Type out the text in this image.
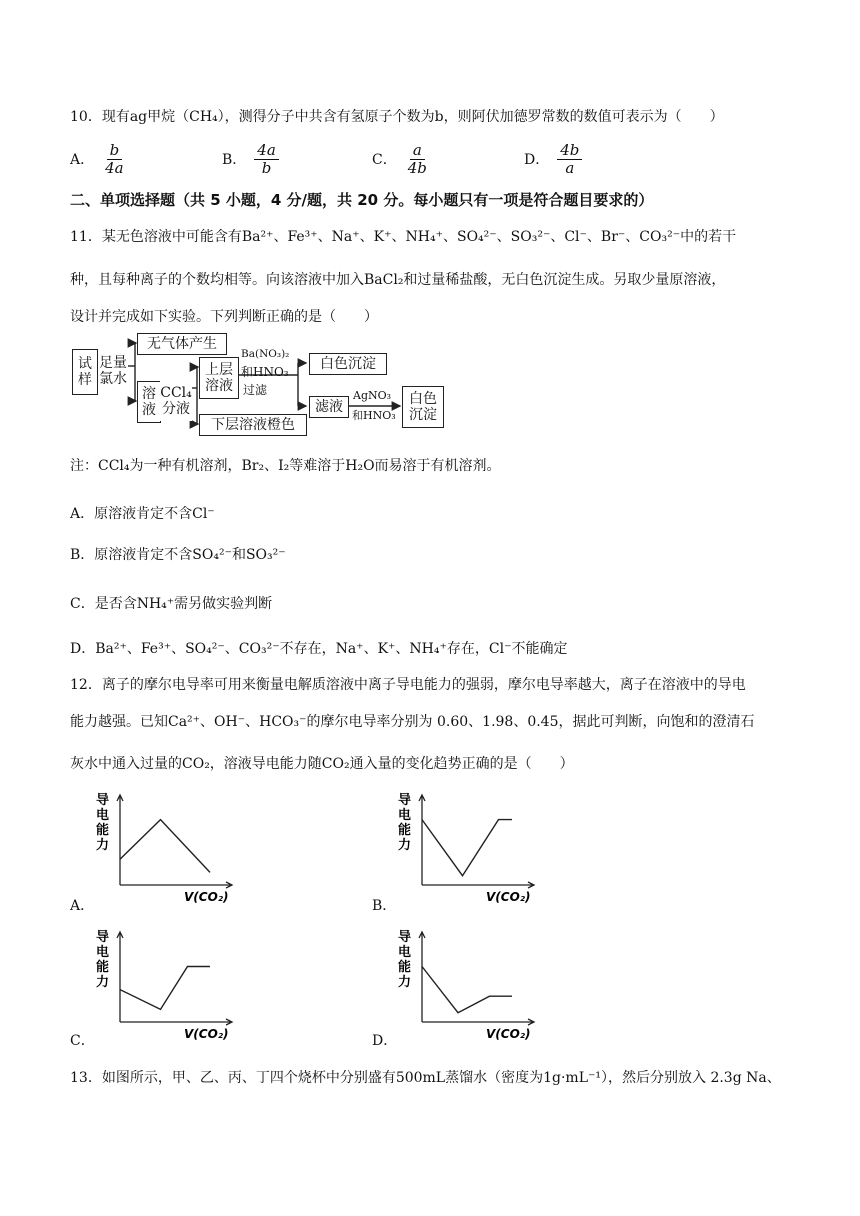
10．现有ag甲烷（CH₄），测得分子中共含有氢原子个数为b，则阿伏加德罗常数的数值可表示为（　　）
A． $\frac{b}{4a}$	B． $\frac{4a}{b}$	C． $\frac{a}{4b}$	D． $\frac{4b}{a}$
二、单项选择题（共 5 小题，4 分/题，共 20 分。每小题只有一项是符合题目要求的）
11．某无色溶液中可能含有Ba²⁺、Fe³⁺、Na⁺、K⁺、NH₄⁺、SO₄²⁻、SO₃²⁻、Cl⁻、Br⁻、CO₃²⁻中的若干
种，且每种离子的个数均相等。向该溶液中加入BaCl₂和过量稀盐酸，无白色沉淀生成。另取少量原溶液，
设计并完成如下实验。下列判断正确的是（　　）
试样
足量氯水
无气体产生
溶液
CCl₄分液
上层溶液
下层溶液橙色
Ba(NO₃)₂
和HNO₃
过滤
白色沉淀
滤液
AgNO₃
和HNO₃
白色沉淀
注：CCl₄为一种有机溶剂，Br₂、I₂等难溶于H₂O而易溶于有机溶剂。
A．原溶液肯定不含Cl⁻
B．原溶液肯定不含SO₄²⁻和SO₃²⁻
C．是否含NH₄⁺需另做实验判断
D．Ba²⁺、Fe³⁺、SO₄²⁻、CO₃²⁻不存在，Na⁺、K⁺、NH₄⁺存在，Cl⁻不能确定
12．离子的摩尔电导率可用来衡量电解质溶液中离子导电能力的强弱，摩尔电导率越大，离子在溶液中的导电
能力越强。已知Ca²⁺、OH⁻、HCO₃⁻的摩尔电导率分别为 0.60、1.98、0.45，据此可判断，向饱和的澄清石
灰水中通入过量的CO₂，溶液导电能力随CO₂通入量的变化趋势正确的是（　　）
A．	B．
C．	D．
导
电
能
力
V(CO₂)
导
电
能
力
V(CO₂)
导
电
能
力
V(CO₂)
导
电
能
力
V(CO₂)
13．如图所示，甲、乙、丙、丁四个烧杯中分别盛有500mL蒸馏水（密度为1g·mL⁻¹），然后分别放入 2.3g Na、
